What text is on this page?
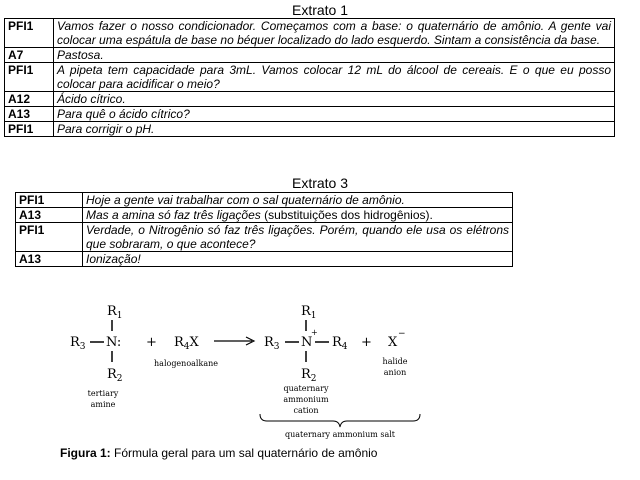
Extrato 1
PFI1	Vamos fazer o nosso condicionador. Começamos com a base: o quaternário de amônio. A gente vai colocar uma espátula de base no béquer localizado do lado esquerdo. Sintam a consistência da base.
A7	Pastosa.
PFI1	A pipeta tem capacidade para 3mL. Vamos colocar 12 mL do álcool de cereais. E o que eu posso colocar para acidificar o meio?
A12	Ácido cítrico.
A13	Para quê o ácido cítrico?
PFI1	Para corrigir o pH.
Extrato 3
PFI1	Hoje a gente vai trabalhar com o sal quaternário de amônio.
A13	Mas a amina só faz três ligações (substituições dos hidrogênios).
PFI1	Verdade, o Nitrogênio só faz três ligações. Porém, quando ele usa os elétrons que sobraram, o que acontece?
A13	Ionização!
$R_1$
$R_3$ N:
$R_2$
tertiary
amine
+ $R_4X$
halogenoalkane
$R_1$
$R_3$ N
+
$R_4$
$R_2$
quaternary
ammonium
cation
+ X
−
halide
anion
quaternary ammonium salt
Figura 1: Fórmula geral para um sal quaternário de amônio
